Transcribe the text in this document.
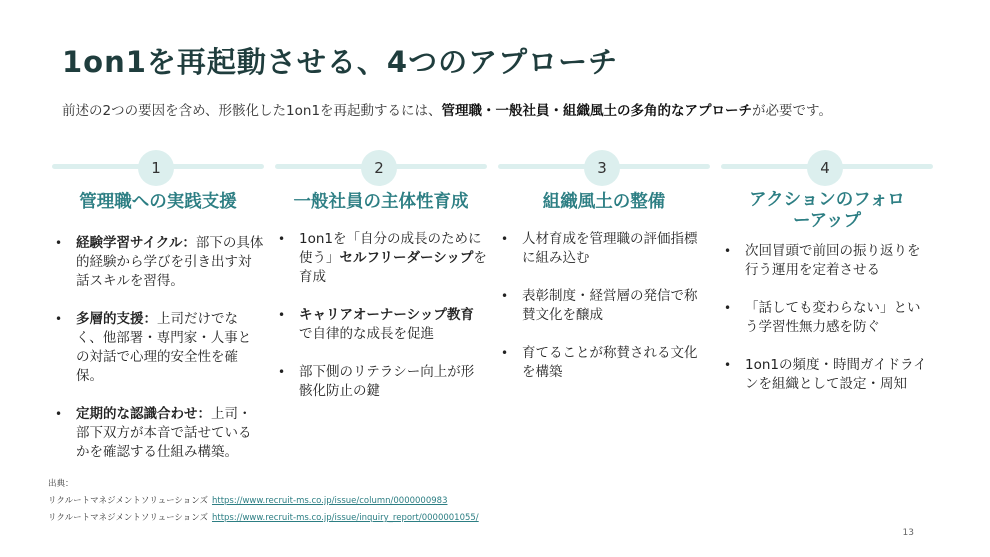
1on1を再起動させる、4つのアプローチ
前述の2つの要因を含め、形骸化した1on1を再起動するには、管理職・一般社員・組織風土の多角的なアプローチが必要です。
1
管理職への実践支援
• 経験学習サイクル：部下の具体的経験から学びを引き出す対話スキルを習得。
• 多層的支援：上司だけでなく、他部署・専門家・人事との対話で心理的安全性を確保。
• 定期的な認識合わせ：上司・部下双方が本音で話せているかを確認する仕組み構築。
2
一般社員の主体性育成
• 1on1を「自分の成長のために使う」セルフリーダーシップを育成
• キャリアオーナーシップ教育で自律的な成長を促進
• 部下側のリテラシー向上が形骸化防止の鍵
3
組織風土の整備
• 人材育成を管理職の評価指標に組み込む
• 表彰制度・経営層の発信で称賛文化を醸成
• 育てることが称賛される文化を構築
4
アクションのフォローアップ
• 次回冒頭で前回の振り返りを行う運用を定着させる
• 「話しても変わらない」という学習性無力感を防ぐ
• 1on1の頻度・時間ガイドラインを組織として設定・周知
出典：
リクルートマネジメントソリューションズ https://www.recruit-ms.co.jp/issue/column/0000000983
リクルートマネジメントソリューションズ https://www.recruit-ms.co.jp/issue/inquiry_report/0000001055/
13
